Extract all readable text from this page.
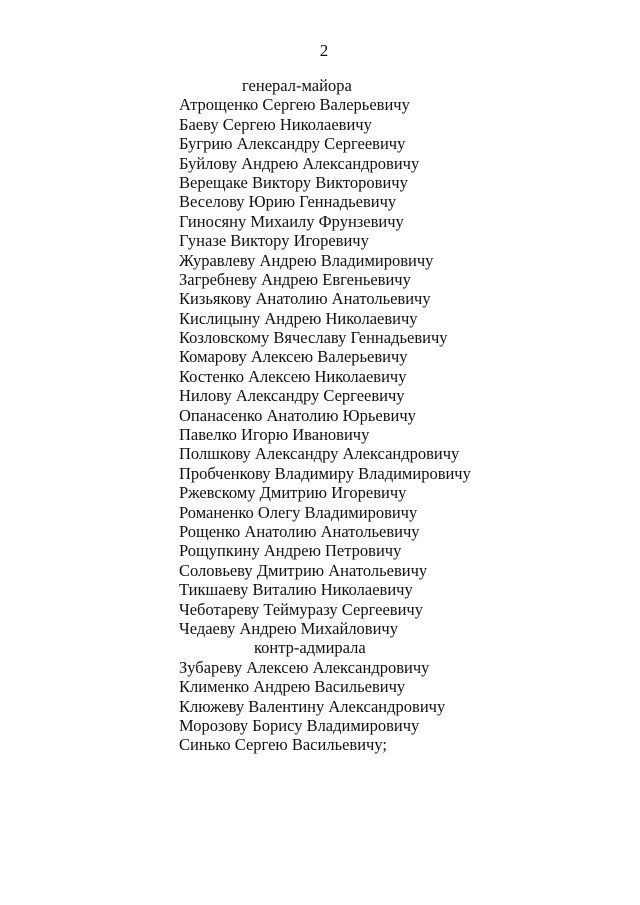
2
генерал-майора
Атрощенко Сергею Валерьевичу
Баеву Сергею Николаевичу
Бугрию Александру Сергеевичу
Буйлову Андрею Александровичу
Верещаке Виктору Викторовичу
Веселову Юрию Геннадьевичу
Гиносяну Михаилу Фрунзевичу
Гуназе Виктору Игоревичу
Журавлеву Андрею Владимировичу
Загребневу Андрею Евгеньевичу
Кизьякову Анатолию Анатольевичу
Кислицыну Андрею Николаевичу
Козловскому Вячеславу Геннадьевичу
Комарову Алексею Валерьевичу
Костенко Алексею Николаевичу
Нилову Александру Сергеевичу
Опанасенко Анатолию Юрьевичу
Павелко Игорю Ивановичу
Полшкову Александру Александровичу
Пробченкову Владимиру Владимировичу
Ржевскому Дмитрию Игоревичу
Романенко Олегу Владимировичу
Рощенко Анатолию Анатольевичу
Рощупкину Андрею Петровичу
Соловьеву Дмитрию Анатольевичу
Тикшаеву Виталию Николаевичу
Чеботареву Теймуразу Сергеевичу
Чедаеву Андрею Михайловичу
контр-адмирала
Зубареву Алексею Александровичу
Клименко Андрею Васильевичу
Клюжеву Валентину Александровичу
Морозову Борису Владимировичу
Синько Сергею Васильевичу;
